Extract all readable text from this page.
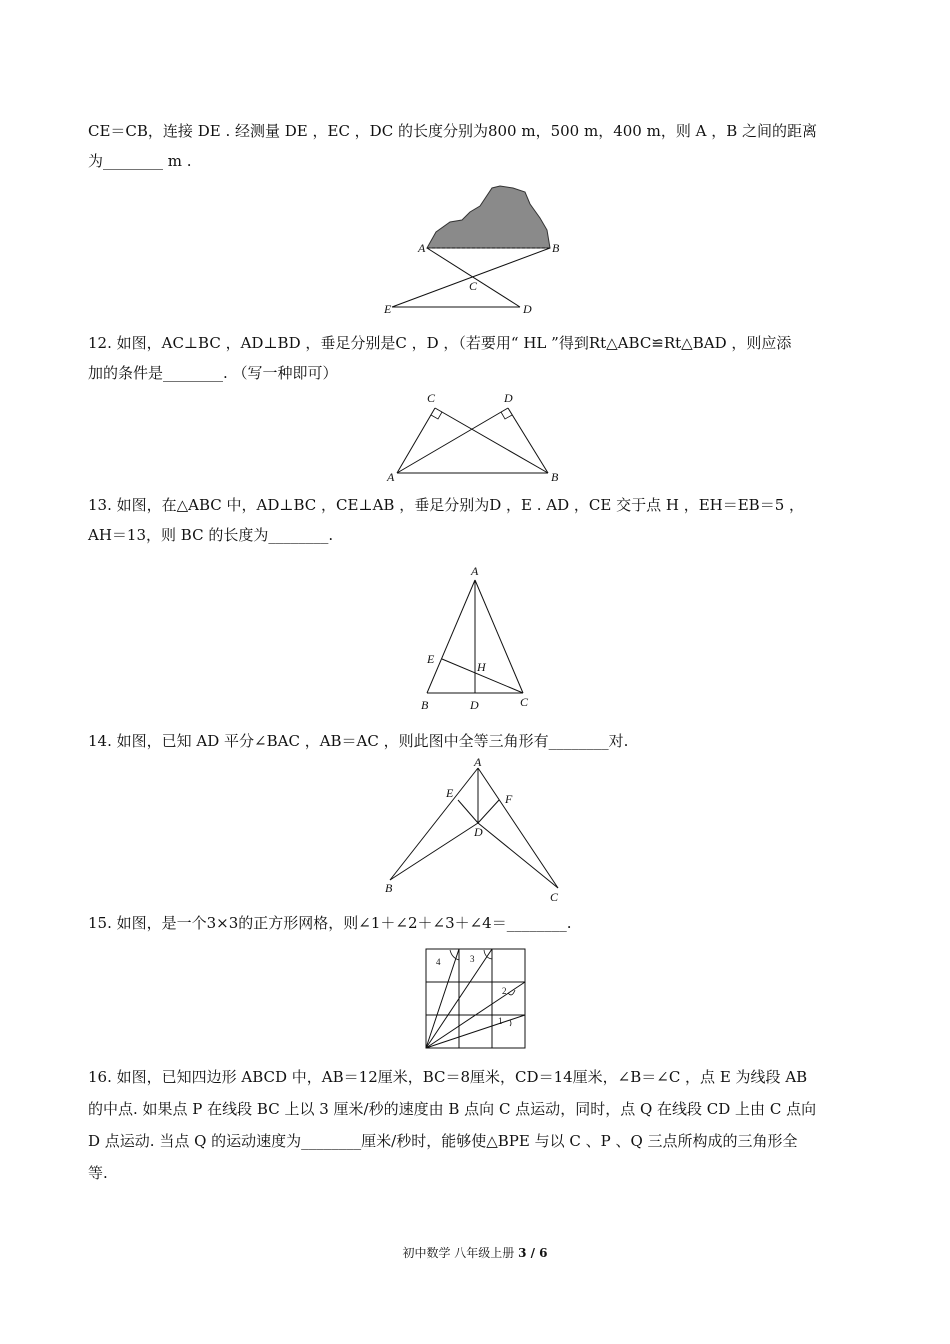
CE＝CB，连接 DE . 经测量 DE ，EC ，DC 的长度分别为800 m，500 m，400 m，则 A ，B 之间的距离

为________ m .

A	B
C
E	D

12. 如图，AC⊥BC ，AD⊥BD ，垂足分别是C ，D ，（若要用“ HL ”得到Rt△ABC≌Rt△BAD ，则应添

加的条件是________. （写一种即可）

C	D
A	B

13. 如图，在△ABC 中，AD⊥BC ，CE⊥AB ，垂足分别为D ，E . AD ，CE 交于点 H ，EH＝EB＝5 ，

AH＝13，则 BC 的长度为________.

A
E
H
B	D	C

14. 如图，已知 AD 平分∠BAC ，AB＝AC ，则此图中全等三角形有________对.

A
E	F
D
B
C

15. 如图，是一个3×3的正方形网格，则∠1＋∠2＋∠3＋∠4＝________.

4	3
2
1

16. 如图，已知四边形 ABCD 中，AB＝12厘米，BC＝8厘米，CD＝14厘米，∠B＝∠C ，点 E 为线段 AB

的中点. 如果点 P 在线段 BC 上以 3 厘米/秒的速度由 B 点向 C 点运动，同时，点 Q 在线段 CD 上由 C 点向

D 点运动. 当点 Q 的运动速度为________厘米/秒时，能够使△BPE 与以 C 、P 、Q 三点所构成的三角形全

等.

初中数学 八年级上册 3 / 6
